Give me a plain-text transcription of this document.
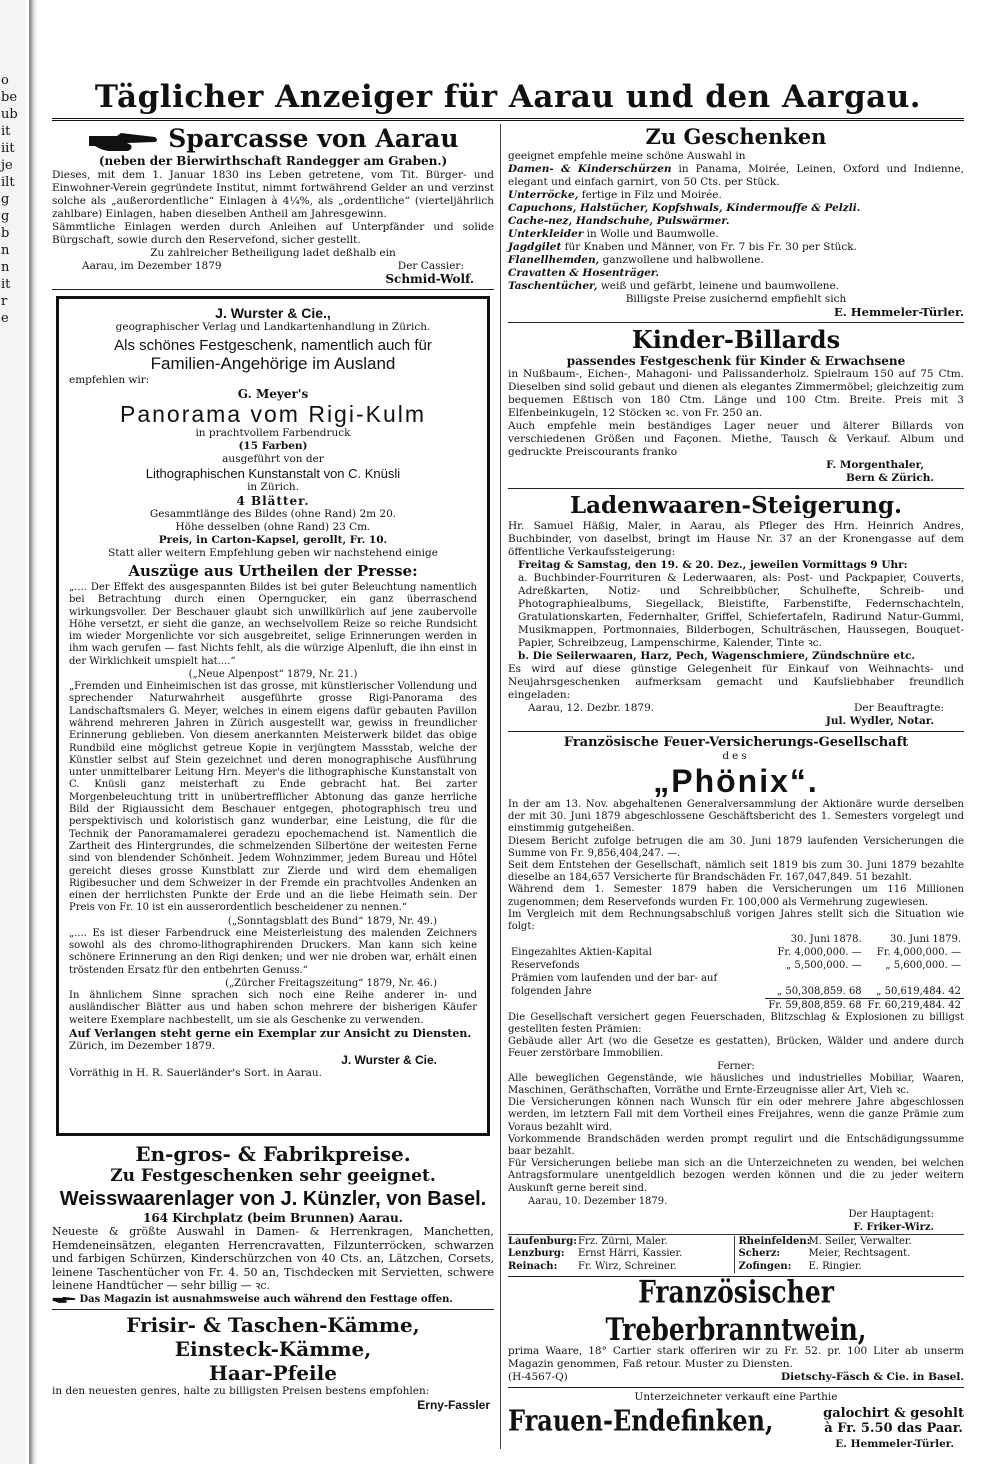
o
be
ub
it
iit
je
ilt
g
g
b
n
n
it
r
e
Täglicher Anzeiger für Aarau und den Aargau.
Sparcasse von Aarau
(neben der Bierwirthschaft Randegger am Graben.)
Dieses, mit dem 1. Januar 1830 ins Leben getretene, vom Tit. Bürger- und Einwohner-Verein gegründete Institut, nimmt fortwährend Gelder an und verzinst solche als „außerordentliche“ Einlagen à 4¼%, als „ordentliche“ (vierteljährlich zahlbare) Einlagen, haben dieselben Antheil am Jahresgewinn.
Sämmtliche Einlagen werden durch Anleihen auf Unterpfänder und solide Bürgschaft, sowie durch den Reservefond, sicher gestellt.
Zu zahlreicher Betheiligung ladet deßhalb ein
Aarau, im Dezember 1879	Der Cassier:
Schmid-Wolf.
J. Wurster & Cie.,
geographischer Verlag und Landkartenhandlung in Zürich.
Als schönes Festgeschenk, namentlich auch für
Familien-Angehörige im Ausland
empfehlen wir:
G. Meyer's
Panorama vom Rigi-Kulm
in prachtvollem Farbendruck
(15 Farben)
ausgeführt von der
Lithographischen Kunstanstalt von C. Knüsli
in Zürich.
4 Blätter.
Gesammtlänge des Bildes (ohne Rand) 2m 20.
Höhe desselben (ohne Rand) 23 Cm.
Preis, in Carton-Kapsel, gerollt, Fr. 10.
Statt aller weitern Empfehlung geben wir nachstehend einige
Auszüge aus Urtheilen der Presse:
„.... Der Effekt des ausgespannten Bildes ist bei guter Beleuchtung namentlich bei Betrachtung durch einen Operngucker, ein ganz überraschend wirkungsvoller. Der Beschauer glaubt sich unwillkürlich auf jene zaubervolle Höhe versetzt, er sieht die ganze, an wechselvollem Reize so reiche Rundsicht im wieder Morgenlichte vor sich ausgebreitet, selige Erinnerungen werden in ihm wach gerufen — fast Nichts fehlt, als die würzige Alpenluft, die ihn einst in der Wirklichkeit umspielt hat....“
(„Neue Alpenpost“ 1879, Nr. 21.)
„Fremden und Einheimischen ist das grosse, mit künstlerischer Vollendung und sprechender Naturwahrheit ausgeführte grosse Rigi-Panorama des Landschaftsmalers G. Meyer, welches in einem eigens dafür gebauten Pavillon während mehreren Jahren in Zürich ausgestellt war, gewiss in freundlicher Erinnerung geblieben. Von diesem anerkannten Meisterwerk bildet das obige Rundbild eine möglichst getreue Kopie in verjüngtem Massstab, welche der Künstler selbst auf Stein gezeichnet und deren monographische Ausführung unter unmittelbarer Leitung Hrn. Meyer's die lithographische Kunstanstalt von C. Knüsli ganz meisterhaft zu Ende gebracht hat. Bei zarter Morgenbeleuchtung tritt in unübertrefflicher Abtonung das ganze herrliche Bild der Rigiaussicht dem Beschauer entgegen, photographisch treu und perspektivisch und koloristisch ganz wunderbar, eine Leistung, die für die Technik der Panoramamalerei geradezu epochemachend ist. Namentlich die Zartheit des Hintergrundes, die schmelzenden Silbertöne der weitesten Ferne sind von blendender Schönheit. Jedem Wohnzimmer, jedem Bureau und Hôtel gereicht dieses grosse Kunstblatt zur Zierde und wird dem ehemaligen Rigibesucher und dem Schweizer in der Fremde ein prachtvolles Andenken an einen der herrlichsten Punkte der Erde und an die liebe Heimath sein. Der Preis von Fr. 10 ist ein ausserordentlich bescheidener zu nennen.“
(„Sonntagsblatt des Bund“ 1879, Nr. 49.)
„.... Es ist dieser Farbendruck eine Meisterleistung des malenden Zeichners sowohl als des chromo-lithographirenden Druckers. Man kann sich keine schönere Erinnerung an den Rigi denken; und wer nie droben war, erhält einen tröstenden Ersatz für den entbehrten Genuss.“
(„Zürcher Freitagszeitung“ 1879, Nr. 46.)
In ähnlichem Sinne sprachen sich noch eine Reihe anderer in- und ausländischer Blätter aus und haben schon mehrere der bisherigen Käufer weitere Exemplare nachbestellt, um sie als Geschenke zu verwenden.
Auf Verlangen steht gerne ein Exemplar zur Ansicht zu Diensten.
Zürich, im Dezember 1879.
J. Wurster & Cie.
Vorräthig in H. R. Sauerländer's Sort. in Aarau.
En-gros- & Fabrikpreise.
Zu Festgeschenken sehr geeignet.
Weisswaarenlager von J. Künzler, von Basel.
164 Kirchplatz (beim Brunnen) Aarau.
Neueste & größte Auswahl in Damen- & Herrenkragen, Manchetten, Hemdeneinsätzen, eleganten Herrencravatten, Filzunterröcken, schwarzen und farbigen Schürzen, Kinderschürzchen von 40 Cts. an, Lätzchen, Corsets, leinene Taschentücher von Fr. 4. 50 an, Tischdecken mit Servietten, schwere leinene Handtücher — sehr billig — ꝛc.
Das Magazin ist ausnahmsweise auch während den Festtage offen.
Frisir- & Taschen-Kämme,
Einsteck-Kämme,
Haar-Pfeile
in den neuesten genres, halte zu billigsten Preisen bestens empfohlen:
Erny-Fassler
Zu Geschenken
geeignet empfehle meine schöne Auswahl in
Damen- & Kinderschürzen in Panama, Moirée, Leinen, Oxford und Indienne, elegant und einfach garnirt, von 50 Cts. per Stück.
Unterröcke, fertige in Filz und Moirée.
Capuchons, Halstücher, Kopfshwals, Kindermouffe & Pelzli.
Cache-nez, Handschuhe, Pulswärmer.
Unterkleider in Wolle und Baumwolle.
Jagdgilet für Knaben und Männer, von Fr. 7 bis Fr. 30 per Stück.
Flanellhemden, ganzwollene und halbwollene.
Cravatten & Hosenträger.
Taschentücher, weiß und gefärbt, leinene und baumwollene.
Billigste Preise zusichernd empfiehlt sich
E. Hemmeler-Türler.
Kinder-Billards
passendes Festgeschenk für Kinder & Erwachsene
in Nußbaum-, Eichen-, Mahagoni- und Palissanderholz. Spielraum 150 auf 75 Ctm. Dieselben sind solid gebaut und dienen als elegantes Zimmermöbel; gleichzeitig zum bequemen Eßtisch von 180 Ctm. Länge und 100 Ctm. Breite. Preis mit 3 Elfenbeinkugeln, 12 Stöcken ꝛc. von Fr. 250 an.
Auch empfehle mein beständiges Lager neuer und älterer Billards von verschiedenen Größen und Façonen. Miethe, Tausch & Verkauf. Album und gedruckte Preiscourants franko
F. Morgenthaler,
Bern & Zürich.
Ladenwaaren-Steigerung.
Hr. Samuel Häßig, Maler, in Aarau, als Pfleger des Hrn. Heinrich Andres, Buchbinder, von daselbst, bringt im Hause Nr. 37 an der Kronengasse auf dem öffentliche Verkaufssteigerung:
Freitag & Samstag, den 19. & 20. Dez., jeweilen Vormittags 9 Uhr:
a. Buchbinder-Fourrituren & Lederwaaren, als: Post- und Packpapier, Couverts, Adreßkarten, Notiz- und Schreibbücher, Schulhefte, Schreib- und Photographiealbums, Siegellack, Bleistifte, Farbenstifte, Federnschachteln, Gratulationskarten, Federnhalter, Griffel, Schiefertafeln, Radirund Natur-Gummi, Musikmappen, Portmonnaies, Bilderbogen, Schulträschen, Haussegen, Bouquet-Papier, Schreibzeug, Lampenschirme, Kalender, Tinte ꝛc.
b. Die Seilerwaaren, Harz, Pech, Wagenschmiere, Zündschnüre etc.
Es wird auf diese günstige Gelegenheit für Einkauf von Weihnachts- und Neujahrsgeschenken aufmerksam gemacht und Kaufsliebhaber freundlich eingeladen:
Aarau, 12. Dezbr. 1879.	Der Beauftragte:
Jul. Wydler, Notar.
Französische Feuer-Versicherungs-Gesellschaft
des
„Phönix“.
In der am 13. Nov. abgehaltenen Generalversammlung der Aktionäre wurde derselben der mit 30. Juni 1879 abgeschlossene Geschäftsbericht des 1. Semesters vorgelegt und einstimmig gutgeheißen.
Diesem Bericht zufolge betrugen die am 30. Juni 1879 laufenden Versicherungen die Summe von Fr. 9,856,404,247. —.
Seit dem Entstehen der Gesellschaft, nämlich seit 1819 bis zum 30. Juni 1879 bezahlte dieselbe an 184,657 Versicherte für Brandschäden Fr. 167,047,849. 51 bezahlt.
Während dem 1. Semester 1879 haben die Versicherungen um 116 Millionen zugenommen; dem Reservefonds wurden Fr. 100,000 als Vermehrung zugewiesen.
Im Vergleich mit dem Rechnungsabschluß vorigen Jahres stellt sich die Situation wie folgt:
	30. Juni 1878.	30. Juni 1879.
Eingezahltes Aktien-Kapital	Fr. 4,000,000. —	Fr. 4,000,000. —
Reservefonds	„ 5,500,000. —	„ 5,600,000. —
Prämien vom laufenden und der bar- auf folgenden Jahre	„ 50,308,859. 68	„ 50,619,484. 42
	Fr. 59,808,859. 68	Fr. 60,219,484. 42
Die Gesellschaft versichert gegen Feuerschaden, Blitzschlag & Explosionen zu billigst gestellten festen Prämien:
Gebäude aller Art (wo die Gesetze es gestatten), Brücken, Wälder und andere durch Feuer zerstörbare Immobilien.
Ferner:
Alle beweglichen Gegenstände, wie häusliches und industrielles Mobiliar, Waaren, Maschinen, Geräthschaften, Vorräthe und Ernte-Erzeugnisse aller Art, Vieh ꝛc.
Die Versicherungen können nach Wunsch für ein oder mehrere Jahre abgeschlossen werden, im letztern Fall mit dem Vortheil eines Freijahres, wenn die ganze Prämie zum Voraus bezahlt wird.
Vorkommende Brandschäden werden prompt regulirt und die Entschädigungssumme baar bezahlt.
Für Versicherungen beliebe man sich an die Unterzeichneten zu wenden, bei welchen Antragsformulare unentgeldlich bezogen werden können und die zu jeder weitern Auskunft gerne bereit sind.
Aarau, 10. Dezember 1879.
Der Hauptagent:
F. Friker-Wirz.
Laufenburg: Frz. Zürni, Maler.
Lenzburg:	Ernst Härri, Kassier.
Reinach:	Fr. Wirz, Schreiner.
Rheinfelden:
M. Seiler, Verwalter.
Scherz:	Meier, Rechtsagent.
Zofingen:	E. Ringier.
Französischer Treberbranntwein,
prima Waare, 18° Cartier stark offeriren wir zu Fr. 52. pr. 100 Liter ab unserm Magazin genommen, Faß retour. Muster zu Diensten.
(H-4567-Q)	Dietschy-Fäsch & Cie. in Basel.
Unterzeichneter verkauft eine Parthie
Frauen-Endefinken,	galochirt & gesohlt
à Fr. 5.50 das Paar.
E. Hemmeler-Türler.
